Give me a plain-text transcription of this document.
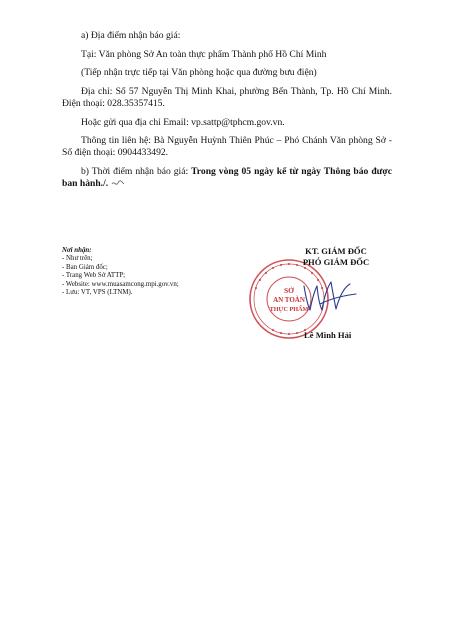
a) Địa điểm nhận báo giá:

Tại: Văn phòng Sở An toàn thực phẩm Thành phố Hồ Chí Minh

(Tiếp nhận trực tiếp tại Văn phòng hoặc qua đường bưu điện)

Địa chỉ: Số 57 Nguyễn Thị Minh Khai, phường Bến Thành, Tp. Hồ Chí Minh. Điện thoại: 028.35357415.

Hoặc gửi qua địa chỉ Email: vp.sattp@tphcm.gov.vn.

Thông tin liên hệ: Bà Nguyễn Huỳnh Thiên Phúc – Phó Chánh Văn phòng Sở - Số điện thoại: 0904433492.

b) Thời điểm nhận báo giá: Trong vòng 05 ngày kể từ ngày Thông báo được ban hành./.

Nơi nhận:
- Như trên;
- Ban Giám đốc;
- Trang Web Sở ATTP;
- Website: www.muasamcong.mpi.gov.vn;
- Lưu: VT, VPS (LTNM).	SỞ
AN TOÀN
THỰC PHẨM
KT. GIÁM ĐỐC
PHÓ GIÁM ĐỐC
Lê Minh Hải
